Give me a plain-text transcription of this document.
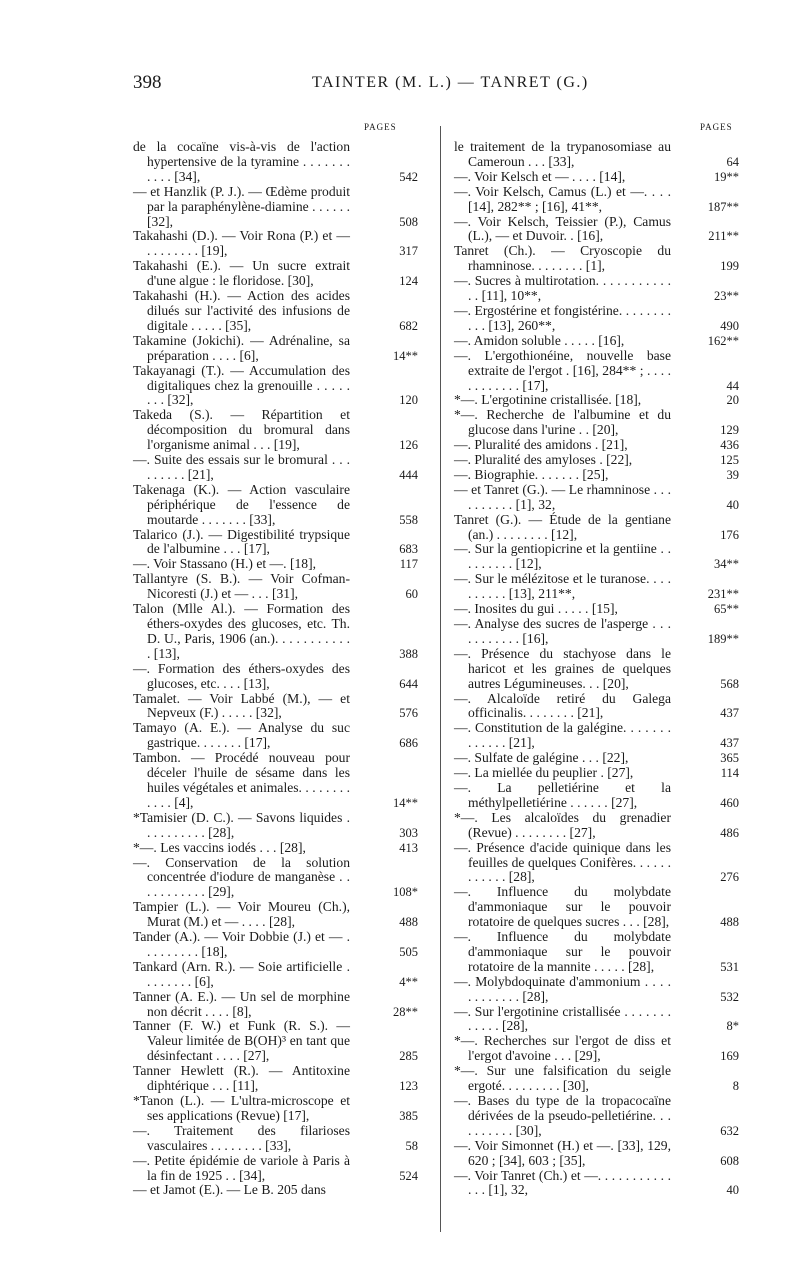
398	TAINTER (M. L.) — TANRET (G.)
PAGES	PAGES
de la cocaïne vis-à-vis de l'action hypertensive de la tyramine . . . . . . . . . . . [34],	542
— et Hanzlik (P. J.). — Œdème produit par la paraphénylène-diamine . . . . . . [32],	508
Takahashi (D.). — Voir Rona (P.) et — . . . . . . . . [19],	317
Takahashi (E.). — Un sucre extrait d'une algue : le floridose. [30],	124
Takahashi (H.). — Action des acides dilués sur l'activité des infusions de digitale . . . . . [35],	682
Takamine (Jokichi). — Adrénaline, sa préparation . . . . [6],	14**
Takayanagi (T.). — Accumulation des digitaliques chez la grenouille . . . . . . . . [32],	120
Takeda (S.). — Répartition et décomposition du bromural dans l'organisme animal . . . [19],	126
—. Suite des essais sur le bromural . . . . . . . . . [21],	444
Takenaga (K.). — Action vasculaire périphérique de l'essence de moutarde . . . . . . . [33],	558
Talarico (J.). — Digestibilité trypsique de l'albumine . . . [17],	683
—. Voir Stassano (H.) et —. [18],	117
Tallantyre (S. B.). — Voir Cofman-Nicoresti (J.) et — . . . [31],	60
Talon (Mlle Al.). — Formation des éthers-oxydes des glucoses, etc. Th. D. U., Paris, 1906 (an.). . . . . . . . . . . . [13],	388
—. Formation des éthers-oxydes des glucoses, etc. . . . [13],	644
Tamalet. — Voir Labbé (M.), — et Nepveux (F.) . . . . . [32],	576
Tamayo (A. E.). — Analyse du suc gastrique. . . . . . . [17],	686
Tambon. — Procédé nouveau pour déceler l'huile de sésame dans les huiles végétales et animales. . . . . . . . . . . . [4],	14**
*Tamisier (D. C.). — Savons liquides . . . . . . . . . . [28],	303
*—. Les vaccins iodés . . . [28],	413
—. Conservation de la solution concentrée d'iodure de manganèse . . . . . . . . . . . [29],	108*
Tampier (L.). — Voir Moureu (Ch.), Murat (M.) et — . . . . [28],	488
Tander (A.). — Voir Dobbie (J.) et — . . . . . . . . . [18],	505
Tankard (Arn. R.). — Soie artificielle . . . . . . . . [6],	4**
Tanner (A. E.). — Un sel de morphine non décrit . . . . [8],	28**
Tanner (F. W.) et Funk (R. S.). — Valeur limitée de B(OH)³ en tant que désinfectant . . . . [27],	285
Tanner Hewlett (R.). — Antitoxine diphtérique . . . [11],	123
*Tanon (L.). — L'ultra-microscope et ses applications (Revue) [17],	385
—. Traitement des filarioses vasculaires . . . . . . . . [33],	58
—. Petite épidémie de variole à Paris à la fin de 1925 . . [34],	524
— et Jamot (E.). — Le B. 205 dans
le traitement de la trypanosomiase au Cameroun . . . [33],	64
—. Voir Kelsch et — . . . . [14],	19**
—. Voir Kelsch, Camus (L.) et —. . . . [14], 282** ; [16], 41**,	187**
—. Voir Kelsch, Teissier (P.), Camus (L.), — et Duvoir. . [16],	211**
Tanret (Ch.). — Cryoscopie du rhamninose. . . . . . . . [1],	199
—. Sucres à multirotation. . . . . . . . . . . . . [11], 10**,	23**
—. Ergostérine et fongistérine. . . . . . . . . . . [13], 260**,	490
—. Amidon soluble . . . . . [16],	162**
—. L'ergothionéine, nouvelle base extraite de l'ergot . [16], 284** ; . . . . . . . . . . . . [17],	44
*—. L'ergotinine cristallisée. [18],	20
*—. Recherche de l'albumine et du glucose dans l'urine . . [20],	129
—. Pluralité des amidons . [21],	436
—. Pluralité des amyloses . [22],	125
—. Biographie. . . . . . . [25],	39
— et Tanret (G.). — Le rhamninose . . . . . . . . . . [1], 32,	40
Tanret (G.). — Étude de la gentiane (an.) . . . . . . . . [12],	176
—. Sur la gentiopicrine et la gentiine . . . . . . . . . [12],	34**
—. Sur le mélézitose et le turanose. . . . . . . . . . [13], 211**,	231**
—. Inosites du gui . . . . . [15],	65**
—. Analyse des sucres de l'asperge . . . . . . . . . . . [16],	189**
—. Présence du stachyose dans le haricot et les graines de quelques autres Légumineuses. . . [20],	568
—. Alcaloïde retiré du Galega officinalis. . . . . . . . [21],	437
—. Constitution de la galégine. . . . . . . . . . . . . [21],	437
—. Sulfate de galégine . . . [22],	365
—. La miellée du peuplier . [27],	114
—. La pelletiérine et la méthylpelletiérine . . . . . . [27],	460
*—. Les alcaloïdes du grenadier (Revue) . . . . . . . . [27],	486
—. Présence d'acide quinique dans les feuilles de quelques Conifères. . . . . . . . . . . . [28],	276
—. Influence du molybdate d'ammoniaque sur le pouvoir rotatoire de quelques sucres . . . [28],	488
—. Influence du molybdate d'ammoniaque sur le pouvoir rotatoire de la mannite . . . . . [28],	531
—. Molybdoquinate d'ammonium . . . . . . . . . . . . [28],	532
—. Sur l'ergotinine cristallisée . . . . . . . . . . . . [28],	8*
*—. Recherches sur l'ergot de diss et l'ergot d'avoine . . . [29],	169
*—. Sur une falsification du seigle ergoté. . . . . . . . . [30],	8
—. Bases du type de la tropacocaïne dérivées de la pseudo-pelletiérine. . . . . . . . . . [30],	632
—. Voir Simonnet (H.) et —. [33], 129, 620 ; [34], 603 ; [35],	608
—. Voir Tanret (Ch.) et —. . . . . . . . . . . . . . [1], 32,	40
